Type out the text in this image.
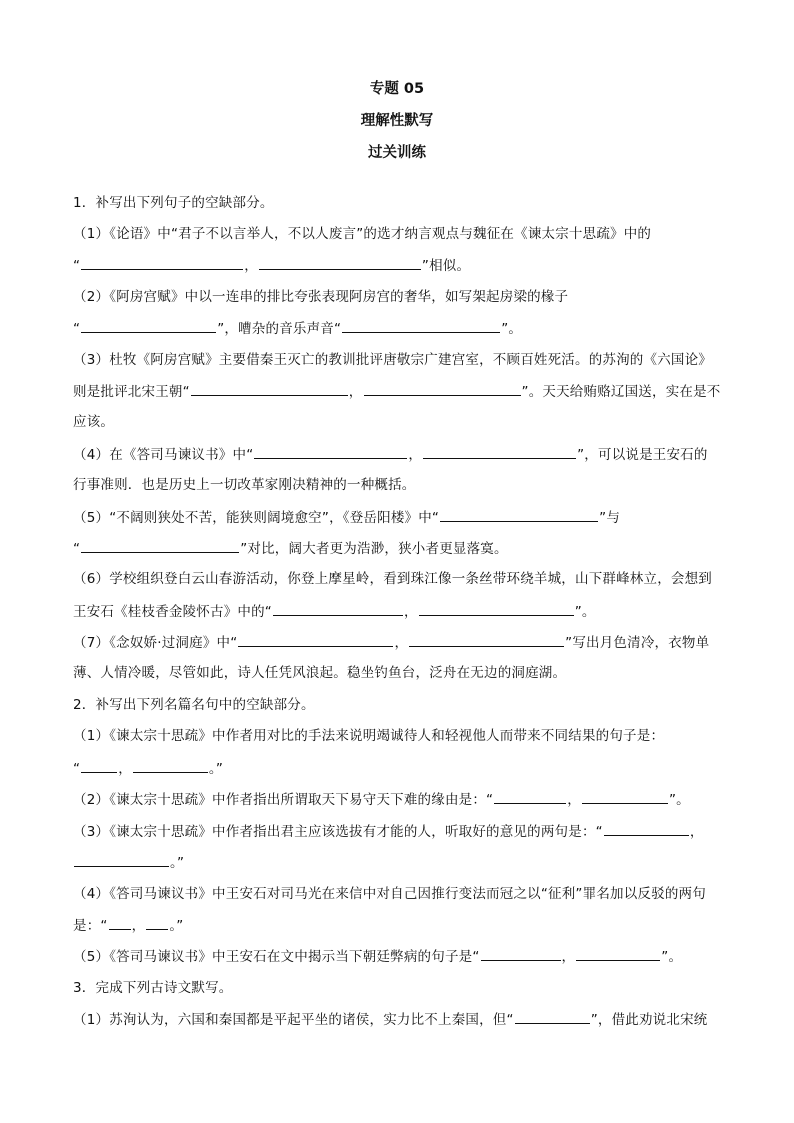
专题 05
理解性默写
过关训练
1．补写出下列句子的空缺部分。
（1）《论语》中“君子不以言举人，不以人废言”的选才纳言观点与魏征在《谏太宗十思疏》中的
“	，	”相似。
（2）《阿房宫赋》中以一连串的排比夸张表现阿房宫的奢华，如写架起房梁的椽子
“	”，嘈杂的音乐声音“	”。
（3）杜牧《阿房宫赋》主要借秦王灭亡的教训批评唐敬宗广建宫室，不顾百姓死活。的苏洵的《六国论》
则是批评北宋王朝“	，	”。天天给贿赂辽国送，实在是不
应该。
（4）在《答司马谏议书》中“	，	”，可以说是王安石的
行事准则．也是历史上一切改革家刚决精神的一种概括。
（5）“不阔则狭处不苦，能狭则阔境愈空”，《登岳阳楼》中“	”与
“	”对比，阔大者更为浩渺，狭小者更显落寞。
（6）学校组织登白云山春游活动，你登上摩星岭，看到珠江像一条丝带环绕羊城，山下群峰林立，会想到
王安石《桂枝香金陵怀古》中的“	，	”。
（7）《念奴娇·过洞庭》中“	，	”写出月色清冷，衣物单
薄、人情冷暖，尽管如此，诗人任凭风浪起。稳坐钓鱼台，泛舟在无边的洞庭湖。
2．补写出下列名篇名句中的空缺部分。
（1）《谏太宗十思疏》中作者用对比的手法来说明竭诚待人和轻视他人而带来不同结果的句子是：
“	，	。”
（2）《谏太宗十思疏》中作者指出所谓取天下易守天下难的缘由是：“	，	”。
（3）《谏太宗十思疏》中作者指出君主应该选拔有才能的人，听取好的意见的两句是：“	，
。”
（4）《答司马谏议书》中王安石对司马光在来信中对自己因推行变法而冠之以“征利”罪名加以反驳的两句
是：“ ， 。”
（5）《答司马谏议书》中王安石在文中揭示当下朝廷弊病的句子是“	，	”。
3．完成下列古诗文默写。
（1）苏洵认为，六国和秦国都是平起平坐的诸侯，实力比不上秦国，但“	”，借此劝说北宋统
